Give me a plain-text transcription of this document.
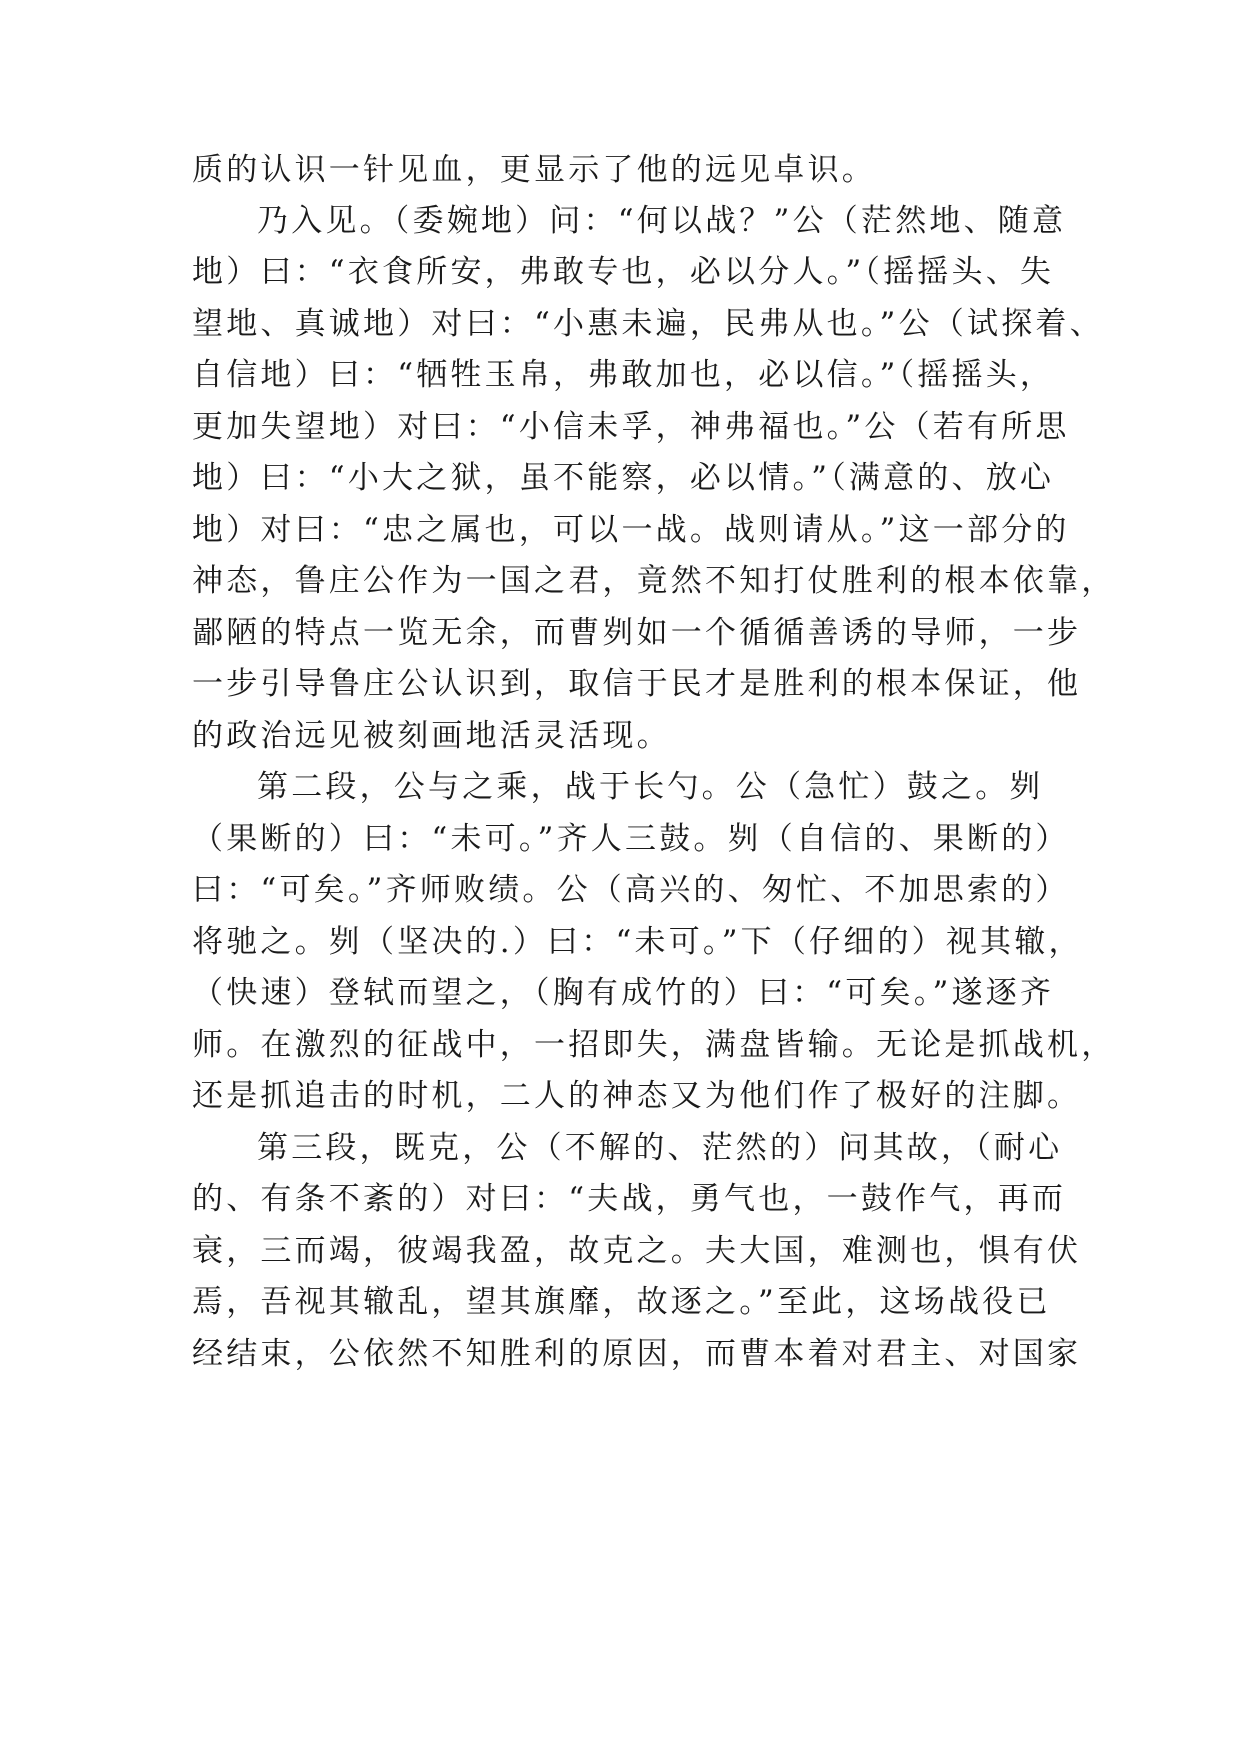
质的认识一针见血，更显示了他的远见卓识。
乃入见。（委婉地）问：“何以战？”公（茫然地、随意
地）曰：“衣食所安，弗敢专也，必以分人。”（摇摇头、失
望地、真诚地）对曰：“小惠未遍，民弗从也。”公（试探着、
自信地）曰：“牺牲玉帛，弗敢加也，必以信。”（摇摇头，
更加失望地）对曰：“小信未孚，神弗福也。”公（若有所思
地）曰：“小大之狱，虽不能察，必以情。”（满意的、放心
地）对曰：“忠之属也，可以一战。战则请从。”这一部分的
神态，鲁庄公作为一国之君，竟然不知打仗胜利的根本依靠，
鄙陋的特点一览无余，而曹刿如一个循循善诱的导师，一步
一步引导鲁庄公认识到，取信于民才是胜利的根本保证，他
的政治远见被刻画地活灵活现。
第二段，公与之乘，战于长勺。公（急忙）鼓之。刿
（果断的）曰：“未可。”齐人三鼓。刿（自信的、果断的）
曰：“可矣。”齐师败绩。公（高兴的、匆忙、不加思索的）
将驰之。刿（坚决的.）曰：“未可。”下（仔细的）视其辙，
（快速）登轼而望之，（胸有成竹的）曰：“可矣。”遂逐齐
师。在激烈的征战中，一招即失，满盘皆输。无论是抓战机，
还是抓追击的时机，二人的神态又为他们作了极好的注脚。
第三段，既克，公（不解的、茫然的）问其故，（耐心
的、有条不紊的）对曰：“夫战，勇气也，一鼓作气，再而
衰，三而竭，彼竭我盈，故克之。夫大国，难测也，惧有伏
焉，吾视其辙乱，望其旗靡，故逐之。”至此，这场战役已
经结束，公依然不知胜利的原因，而曹本着对君主、对国家
